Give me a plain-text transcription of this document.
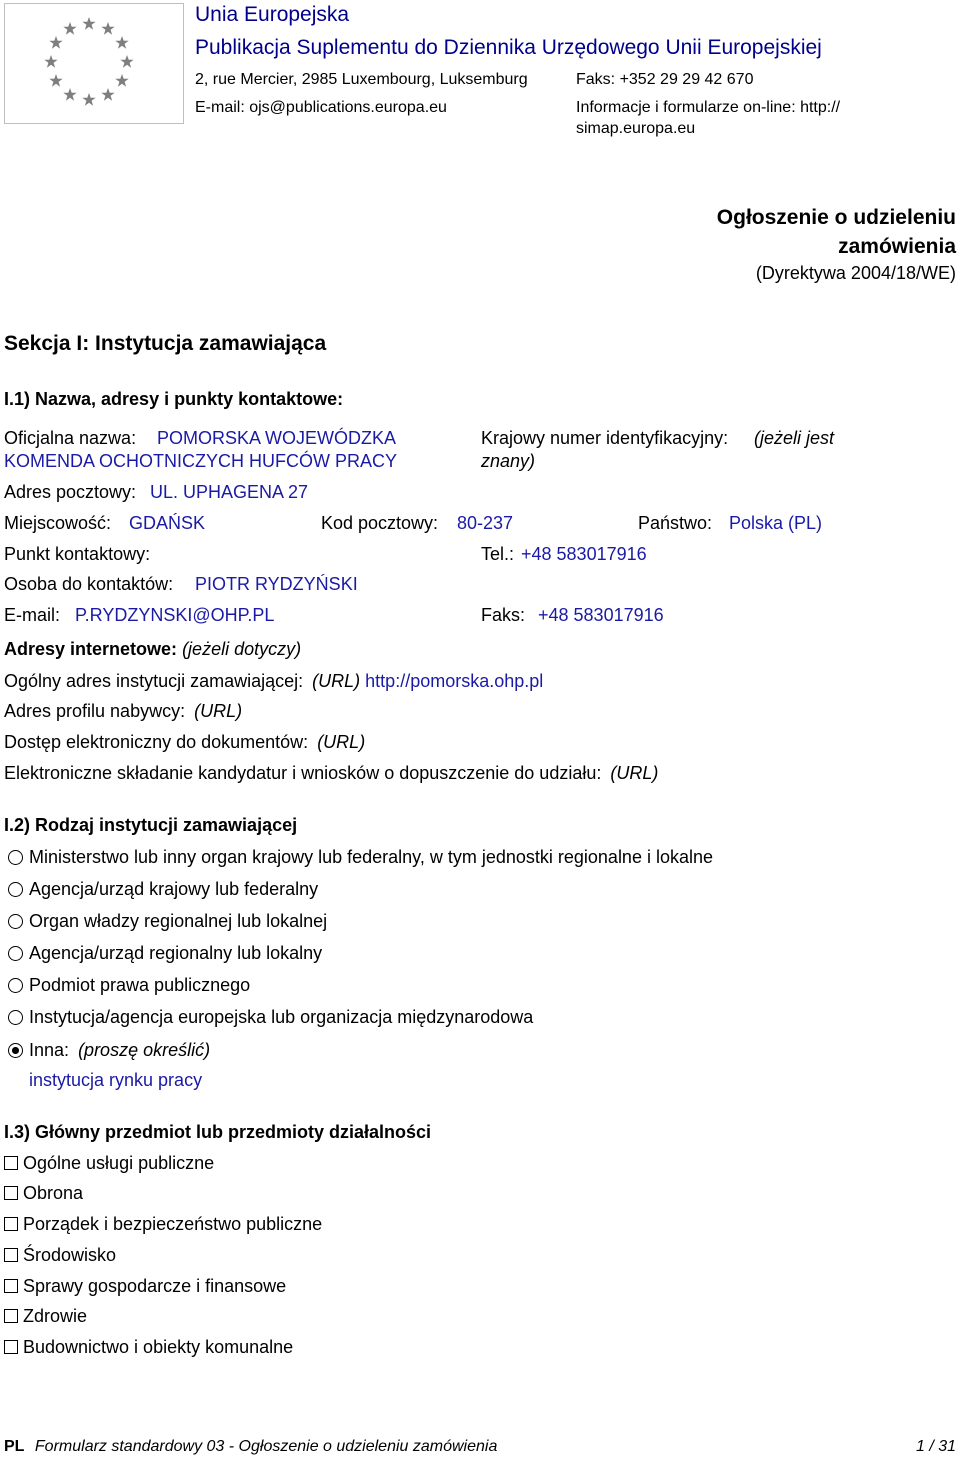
Unia Europejska
Publikacja Suplementu do Dziennika Urzędowego Unii Europejskiej
2, rue Mercier, 2985 Luxembourg, Luksemburg	Faks: +352 29 29 42 670
E-mail: ojs@publications.europa.eu	Informacje i formularze on-line: http://
simap.europa.eu
Ogłoszenie o udzieleniu
zamówienia
(Dyrektywa 2004/18/WE)
Sekcja I: Instytucja zamawiająca
I.1) Nazwa, adresy i punkty kontaktowe:
Oficjalna nazwa: POMORSKA WOJEWÓDZKA
KOMENDA OCHOTNICZYCH HUFCÓW PRACY
Krajowy numer identyfikacyjny: (jeżeli jest
znany)
Adres pocztowy: UL. UPHAGENA 27
Miejscowość: GDAŃSK	Kod pocztowy: 80-237	Państwo: Polska (PL)
Punkt kontaktowy:	Tel.: +48 583017916
Osoba do kontaktów: PIOTR RYDZYŃSKI
E-mail: P.RYDZYNSKI@OHP.PL	Faks: +48 583017916
Adresy internetowe: (jeżeli dotyczy)
Ogólny adres instytucji zamawiającej: (URL) http://pomorska.ohp.pl
Adres profilu nabywcy: (URL)
Dostęp elektroniczny do dokumentów: (URL)
Elektroniczne składanie kandydatur i wniosków o dopuszczenie do udziału: (URL)
I.2) Rodzaj instytucji zamawiającej
Ministerstwo lub inny organ krajowy lub federalny, w tym jednostki regionalne i lokalne
Agencja/urząd krajowy lub federalny
Organ władzy regionalnej lub lokalnej
Agencja/urząd regionalny lub lokalny
Podmiot prawa publicznego
Instytucja/agencja europejska lub organizacja międzynarodowa
Inna: (proszę określić)
instytucja rynku pracy
I.3) Główny przedmiot lub przedmioty działalności
Ogólne usługi publiczne
Obrona
Porządek i bezpieczeństwo publiczne
Środowisko
Sprawy gospodarcze i finansowe
Zdrowie
Budownictwo i obiekty komunalne
PL Formularz standardowy 03 - Ogłoszenie o udzieleniu zamówienia	1 / 31
